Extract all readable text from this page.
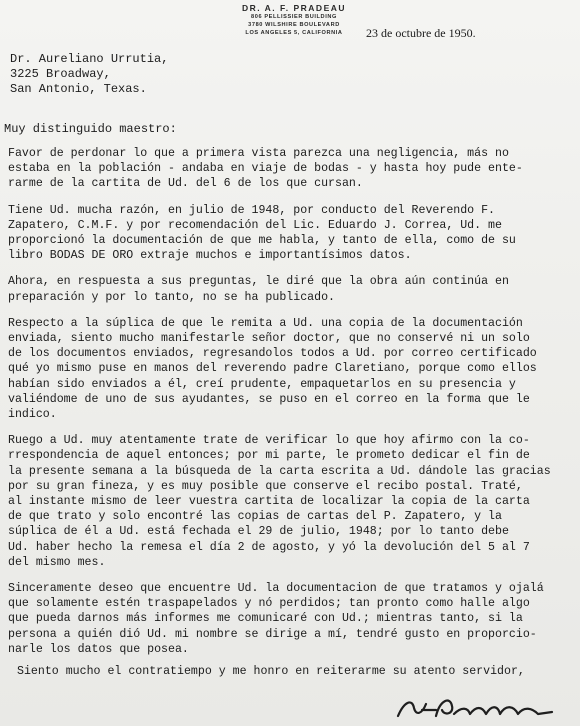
DR. A. F. PRADEAU
806 PELLISSIER BUILDING
3780 WILSHIRE BOULEVARD
LOS ANGELES 5, CALIFORNIA	23 de octubre de 1950.
Dr. Aureliano Urrutia,
3225 Broadway,
San Antonio, Texas.
Muy distinguido maestro:

Favor de perdonar lo que a primera vista parezca una negligencia, más no
estaba en la población - andaba en viaje de bodas - y hasta hoy pude ente-
rarme de la cartita de Ud. del 6 de los que cursan.

Tiene Ud. mucha razón, en julio de 1948, por conducto del Reverendo F.
Zapatero, C.M.F. y por recomendación del Lic. Eduardo J. Correa, Ud. me
proporcionó la documentación de que me habla, y tanto de ella, como de su
libro BODAS DE ORO extraje muchos e importantísimos datos.

Ahora, en respuesta a sus preguntas, le diré que la obra aún continúa en
preparación y por lo tanto, no se ha publicado.

Respecto a la súplica de que le remita a Ud. una copia de la documentación
enviada, siento mucho manifestarle señor doctor, que no conservé ni un solo
de los documentos enviados, regresandolos todos a Ud. por correo certificado
qué yo mismo puse en manos del reverendo padre Claretiano, porque como ellos
habían sido enviados a él, creí prudente, empaquetarlos en su presencia y
valiéndome de uno de sus ayudantes, se puso en el correo en la forma que le
indico.

Ruego a Ud. muy atentamente trate de verificar lo que hoy afirmo con la co-
rrespondencia de aquel entonces; por mi parte, le prometo dedicar el fin de
la presente semana a la búsqueda de la carta escrita a Ud. dándole las gracias
por su gran fineza, y es muy posible que conserve el recibo postal. Traté,
al instante mismo de leer vuestra cartita de localizar la copia de la carta
de que trato y solo encontré las copias de cartas del P. Zapatero, y la
súplica de él a Ud. está fechada el 29 de julio, 1948; por lo tanto debe
Ud. haber hecho la remesa el día 2 de agosto, y yó la devolución del 5 al 7
del mismo mes.

Sinceramente deseo que encuentre Ud. la documentacion de que tratamos y ojalá
que solamente estén traspapelados y nó perdidos; tan pronto como halle algo
que pueda darnos más informes me comunicaré con Ud.; mientras tanto, si la
persona a quién dió Ud. mi nombre se dirige a mí, tendré gusto en proporcio-
narle los datos que posea.

Siento mucho el contratiempo y me honro en reiterarme su atento servidor,
